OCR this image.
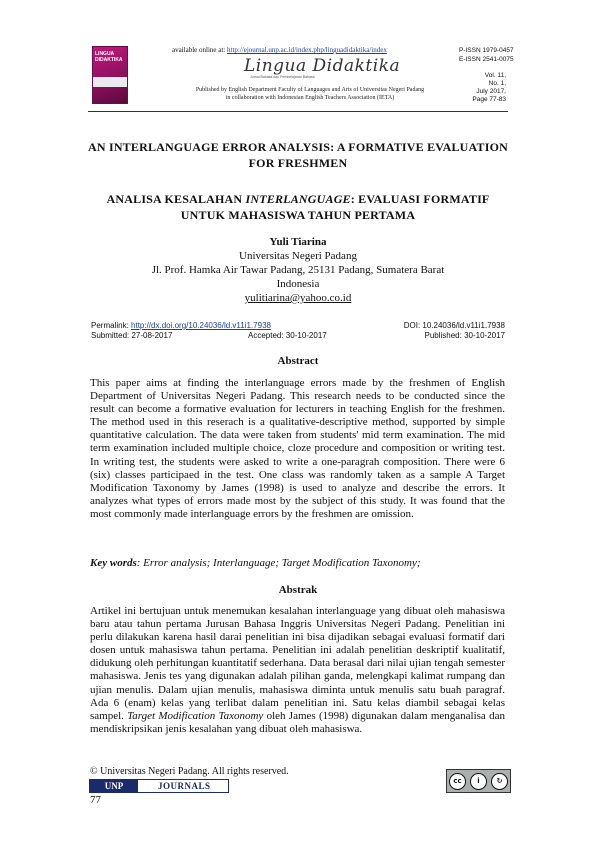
LINGUA DIDAKTIKA
available online at: http://ejournal.unp.ac.id/index.php/linguadidaktika/index	P-ISSN 1979-0457
E-ISSN 2541-0075
Lingua Didaktika
Jurnal Bahasa dan Pembelajaran Bahasa
Published by English Department Faculty of Languages and Arts of Universitas Negeri Padang
in collaboration with Indonesian English Teachers Association (IETA)
Vol. 11,
No. 1,
July 2017,
Page 77-83
AN INTERLANGUAGE ERROR ANALYSIS: A FORMATIVE EVALUATION FOR FRESHMEN
ANALISA KESALAHAN INTERLANGUAGE: EVALUASI FORMATIF UNTUK MAHASISWA TAHUN PERTAMA
Yuli Tiarina
Universitas Negeri Padang
Jl. Prof. Hamka Air Tawar Padang, 25131 Padang, Sumatera Barat
Indonesia
yulitiarina@yahoo.co.id
Permalink: http://dx.doi.org/10.24036/ld.v11i1.7938	DOI: 10.24036/ld.v11i1.7938
Submitted: 27-08-2017	Accepted: 30-10-2017	Published: 30-10-2017
Abstract
This paper aims at finding the interlanguage errors made by the freshmen of English Department of Universitas Negeri Padang. This research needs to be conducted since the result can become a formative evaluation for lecturers in teaching English for the freshmen. The method used in this reserach is a qualitative-descriptive method, supported by simple quantitative calculation. The data were taken from students' mid term examination. The mid term examination included multiple choice, cloze procedure and composition or writing test. In writing test, the students were asked to write a one-paragrah composition. There were 6 (six) classes participaed in the test. One class was randomly taken as a sample A Target Modification Taxonomy by James (1998) is used to analyze and describe the errors. It analyzes what types of errors made most by the subject of this study. It was found that the most commonly made interlanguage errors by the freshmen are omission.
Key words: Error analysis; Interlanguage; Target Modification Taxonomy;
Abstrak
Artikel ini bertujuan untuk menemukan kesalahan interlanguage yang dibuat oleh mahasiswa baru atau tahun pertama Jurusan Bahasa Inggris Universitas Negeri Padang. Penelitian ini perlu dilakukan karena hasil darai penelitian ini bisa dijadikan sebagai evaluasi formatif dari dosen untuk mahasiswa tahun pertama. Penelitian ini adalah penelitian deskriptif kualitatif, didukung oleh perhitungan kuantitatif sederhana. Data berasal dari nilai ujian tengah semester mahasiswa. Jenis tes yang digunakan adalah pilihan ganda, melengkapi kalimat rumpang dan ujian menulis. Dalam ujian menulis, mahasiswa diminta untuk menulis satu buah paragraf. Ada 6 (enam) kelas yang terlibat dalam penelitian ini. Satu kelas diambil sebagai kelas sampel. Target Modification Taxonomy oleh James (1998) digunakan dalam menganalisa dan mendiskripsikan jenis kesalahan yang dibuat oleh mahasiswa.
© Universitas Negeri Padang. All rights reserved.
UNP	JOURNALS
77
cc	i	↻
